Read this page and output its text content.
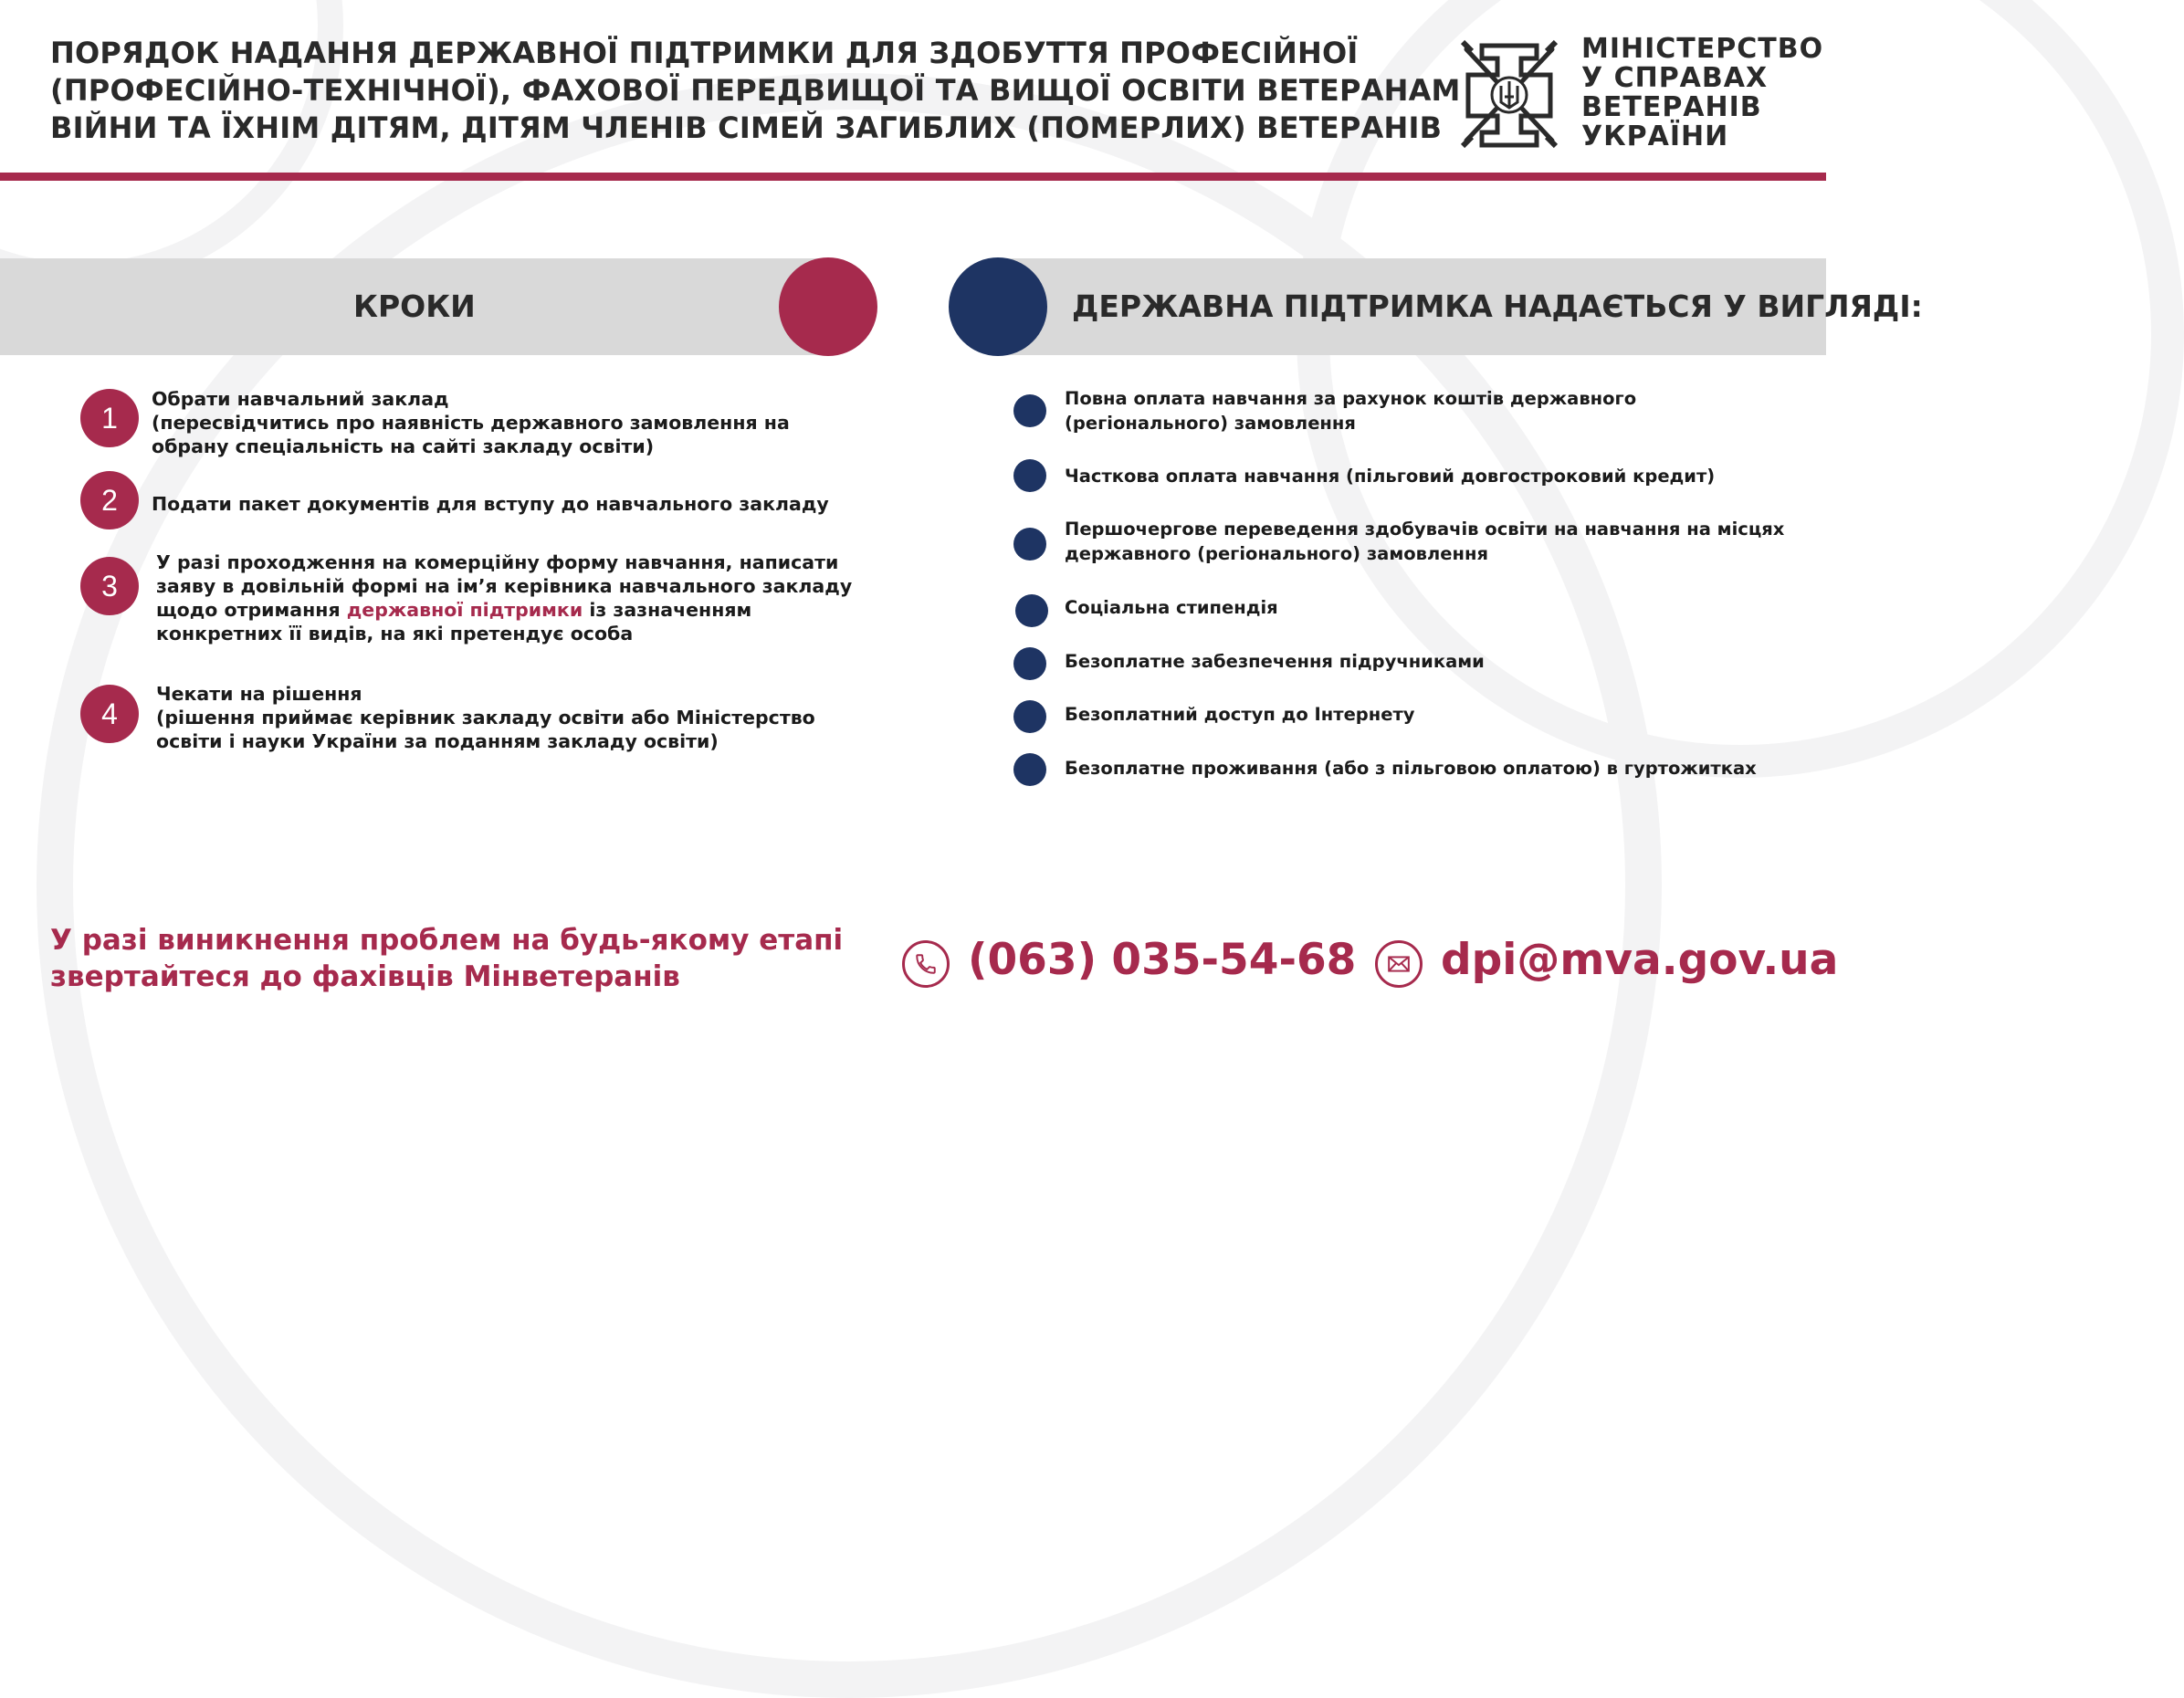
ПОРЯДОК НАДАННЯ ДЕРЖАВНОЇ ПІДТРИМКИ ДЛЯ ЗДОБУТТЯ ПРОФЕСІЙНОЇ
(ПРОФЕСІЙНО-ТЕХНІЧНОЇ), ФАХОВОЇ ПЕРЕДВИЩОЇ ТА ВИЩОЇ ОСВІТИ ВЕТЕРАНАМ
ВІЙНИ ТА ЇХНІМ ДІТЯМ, ДІТЯМ ЧЛЕНІВ СІМЕЙ ЗАГИБЛИХ (ПОМЕРЛИХ) ВЕТЕРАНІВ
МІНІСТЕРСТВО
У СПРАВАХ
ВЕТЕРАНІВ
УКРАЇНИ
КРОКИ	ДЕРЖАВНА ПІДТРИМКА НАДАЄТЬСЯ У ВИГЛЯДІ:
1
Обрати навчальний заклад
(пересвідчитись про наявність державного замовлення на
обрану спеціальність на сайті закладу освіти)
2	Подати пакет документів для вступу до навчального закладу
3
У разі проходження на комерційну форму навчання, написати
заяву в довільній формі на ім’я керівника навчального закладу
щодо отримання державної підтримки із зазначенням
конкретних її видів, на які претендує особа
4
Чекати на рішення
(рішення приймає керівник закладу освіти або Міністерство
освіти і науки України за поданням закладу освіти)
Повна оплата навчання за рахунок коштів державного
(регіонального) замовлення
Часткова оплата навчання (пільговий довгостроковий кредит)
Першочергове переведення здобувачів освіти на навчання на місцях
державного (регіонального) замовлення
Соціальна стипендія
Безоплатне забезпечення підручниками
Безоплатний доступ до Інтернету
Безоплатне проживання (або з пільговою оплатою) в гуртожитках
У разі виникнення проблем на будь-якому етапі
звертайтеся до фахівців Мінветеранів	(063) 035-54-68 dpi@mva.gov.ua
